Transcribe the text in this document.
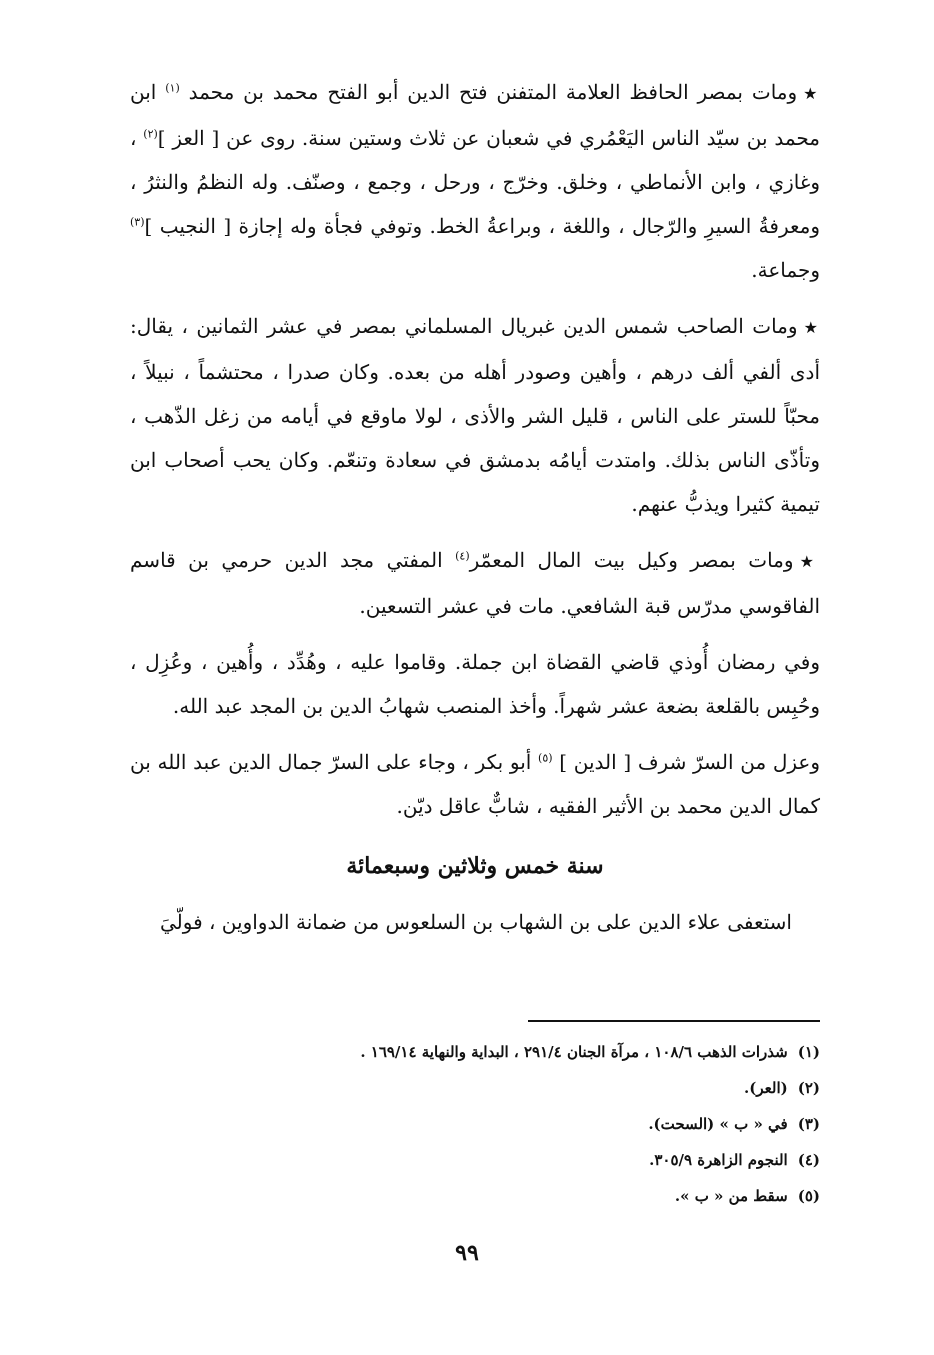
★ومات بمصر الحافظ العلامة المتفنن فتح الدين أبو الفتح محمد بن محمد $^{(١)}$ ابن محمد بن سيّد الناس اليَعْمُري في شعبان عن ثلاث وستين سنة. روى عن [ العز ]$^{(٢)}$ ، وغازي ، وابن الأنماطي ، وخلق. وخرّج ، ورحل ، وجمع ، وصنّف. وله النظمُ والنثرُ ، ومعرفةُ السيرِ والرّجال ، واللغة ، وبراعةُ الخط. وتوفي فجأة وله إجازة [ النجيب ]$^{(٣)}$ وجماعة.

★ومات الصاحب شمس الدين غبريال المسلماني بمصر في عشر الثمانين ، يقال: أدى ألفي ألف درهم ، وأهين وصودر أهله من بعده. وكان صدرا ، محتشماً ، نبيلاً ، محبّاً للستر على الناس ، قليل الشر والأذى ، لولا ماوقع في أيامه من زغل الذّهب ، وتأذّى الناس بذلك. وامتدت أيامُه بدمشق في سعادة وتنعّم. وكان يحب أصحاب ابن تيمية كثيرا ويذبُّ عنهم.

★ومات بمصر وكيل بيت المال المعمّر$^{(٤)}$ المفتي مجد الدين حرمي بن قاسم الفاقوسي مدرّس قبة الشافعي. مات في عشر التسعين.

وفي رمضان أُوذي قاضي القضاة ابن جملة. وقاموا عليه ، وهُدِّد ، وأُهين ، وعُزِل ، وحُبِس بالقلعة بضعة عشر شهراً. وأخذ المنصب شهابُ الدين بن المجد عبد الله.

وعزل من السرّ شرف [ الدين ] $^{(٥)}$ أبو بكر ، وجاء على السرّ جمال الدين عبد الله بن كمال الدين محمد بن الأثير الفقيه ، شابٌّ عاقل ديّن.

سنة خمس وثلاثين وسبعمائة

استعفى علاء الدين على بن الشهاب بن السلعوس من ضمانة الدواوين ، فولّيَ

(١)شذرات الذهب ١٠٨/٦ ، مرآة الجنان ٢٩١/٤ ، البداية والنهاية ١٦٩/١٤ .
(٢)(العر).
(٣)في « ب » (السحت).
(٤)النجوم الزاهرة ٣٠٥/٩.
(٥)سقط من « ب ».
٩٩
